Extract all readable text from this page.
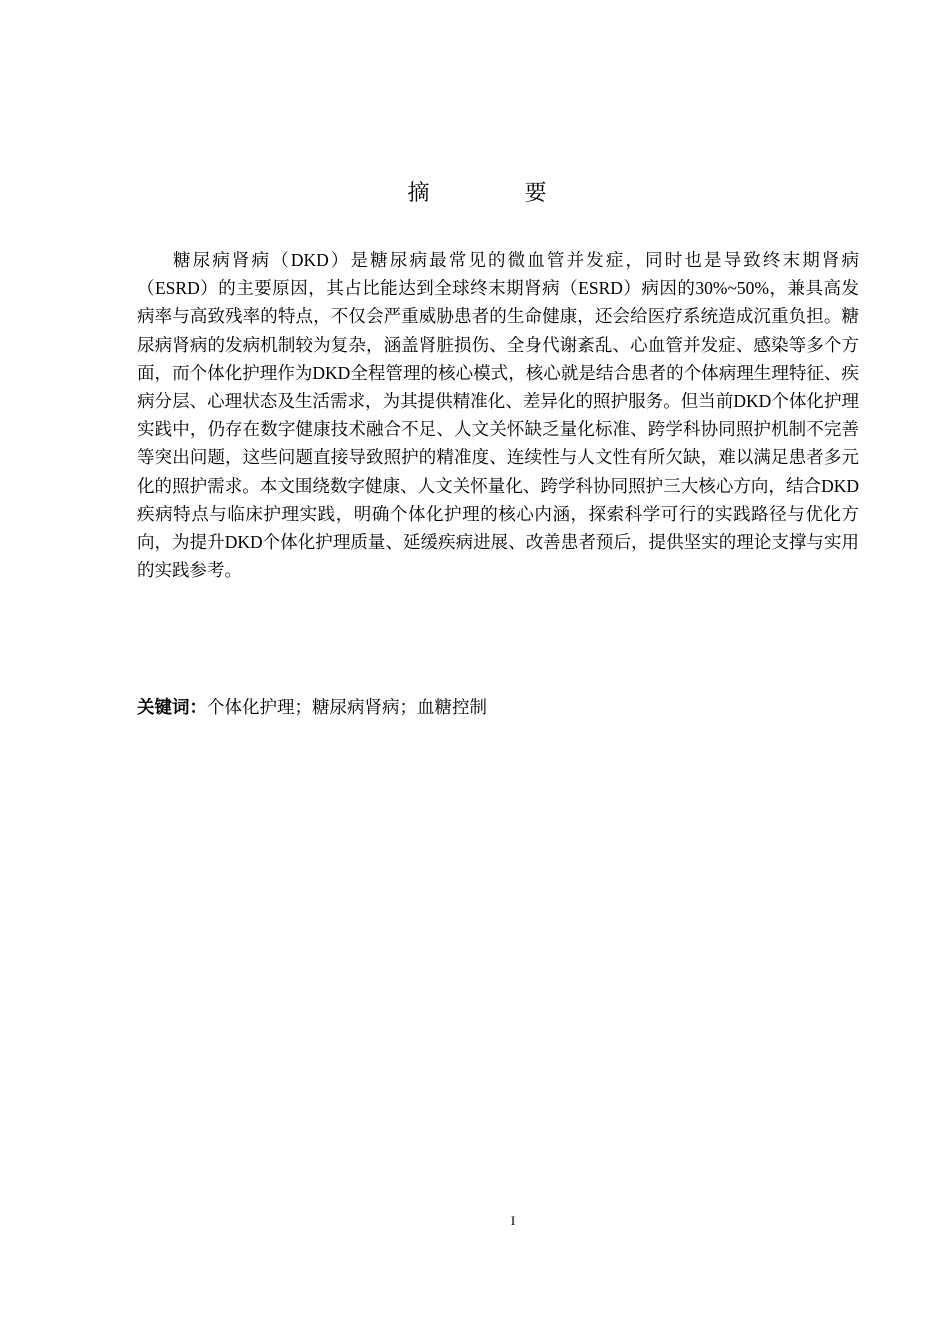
摘 要

糖尿病肾病（DKD）是糖尿病最常见的微血管并发症，同时也是导致终末期肾病（ESRD）的主要原因，其占比能达到全球终末期肾病（ESRD）病因的30%~50%，兼具高发病率与高致残率的特点，不仅会严重威胁患者的生命健康，还会给医疗系统造成沉重负担。糖尿病肾病的发病机制较为复杂，涵盖肾脏损伤、全身代谢紊乱、心血管并发症、感染等多个方面，而个体化护理作为DKD全程管理的核心模式，核心就是结合患者的个体病理生理特征、疾病分层、心理状态及生活需求，为其提供精准化、差异化的照护服务。但当前DKD个体化护理实践中，仍存在数字健康技术融合不足、人文关怀缺乏量化标准、跨学科协同照护机制不完善等突出问题，这些问题直接导致照护的精准度、连续性与人文性有所欠缺，难以满足患者多元化的照护需求。本文围绕数字健康、人文关怀量化、跨学科协同照护三大核心方向，结合DKD疾病特点与临床护理实践，明确个体化护理的核心内涵，探索科学可行的实践路径与优化方向，为提升DKD个体化护理质量、延缓疾病进展、改善患者预后，提供坚实的理论支撑与实用的实践参考。

关键词：个体化护理；糖尿病肾病；血糖控制
I
